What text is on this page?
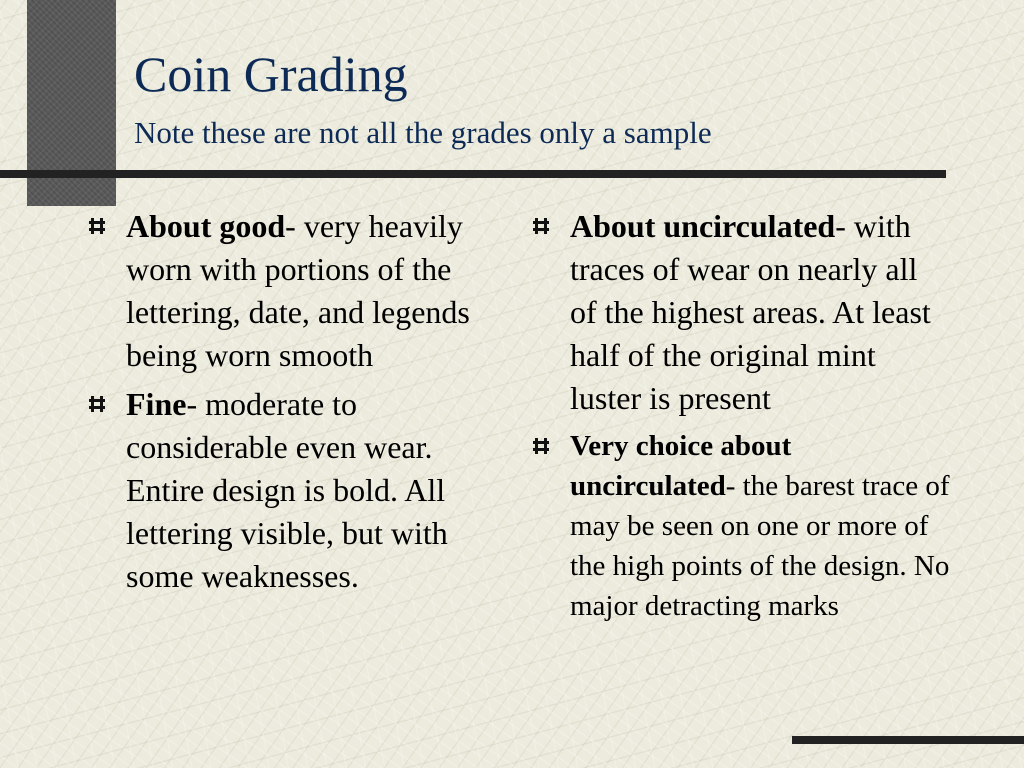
Coin Grading
Note these are not all the grades only a sample
About good- very heavily worn with portions of the lettering, date, and legends being worn smooth
Fine- moderate to considerable even wear. Entire design is bold. All lettering visible, but with some weaknesses.
About uncirculated- with traces of wear on nearly all of the highest areas. At least half of the original mint luster is present
Very choice about uncirculated- the barest trace of may be seen on one or more of the high points of the design. No major detracting marks
